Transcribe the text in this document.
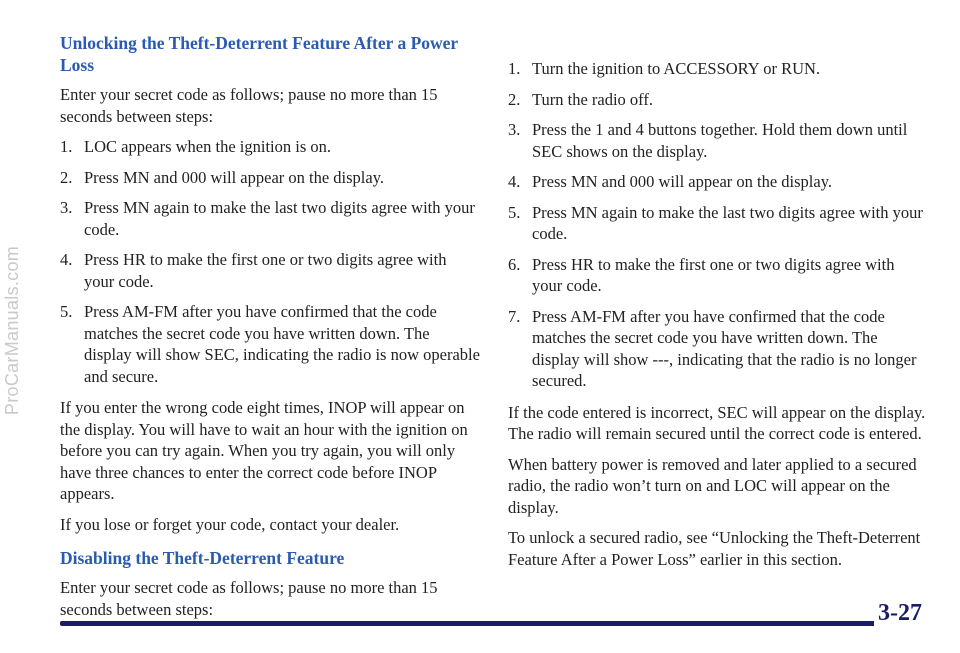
ProCarManuals.com
Unlocking the Theft-Deterrent Feature After a Power Loss

Enter your secret code as follows; pause no more than 15 seconds between steps:

1. LOC appears when the ignition is on.
2. Press MN and 000 will appear on the display.
3. Press MN again to make the last two digits agree with your code.
4. Press HR to make the first one or two digits agree with your code.
5. Press AM-FM after you have confirmed that the code matches the secret code you have written down. The display will show SEC, indicating the radio is now operable and secure.

If you enter the wrong code eight times, INOP will appear on the display. You will have to wait an hour with the ignition on before you can try again. When you try again, you will only have three chances to enter the correct code before INOP appears.

If you lose or forget your code, contact your dealer.

Disabling the Theft-Deterrent Feature

Enter your secret code as follows; pause no more than 15 seconds between steps:

1. Turn the ignition to ACCESSORY or RUN.
2. Turn the radio off.
3. Press the 1 and 4 buttons together. Hold them down until SEC shows on the display.
4. Press MN and 000 will appear on the display.
5. Press MN again to make the last two digits agree with your code.
6. Press HR to make the first one or two digits agree with your code.
7. Press AM-FM after you have confirmed that the code matches the secret code you have written down. The display will show ---, indicating that the radio is no longer secured.

If the code entered is incorrect, SEC will appear on the display. The radio will remain secured until the correct code is entered.

When battery power is removed and later applied to a secured radio, the radio won’t turn on and LOC will appear on the display.

To unlock a secured radio, see “Unlocking the Theft-Deterrent Feature After a Power Loss” earlier in this section.

3-27
